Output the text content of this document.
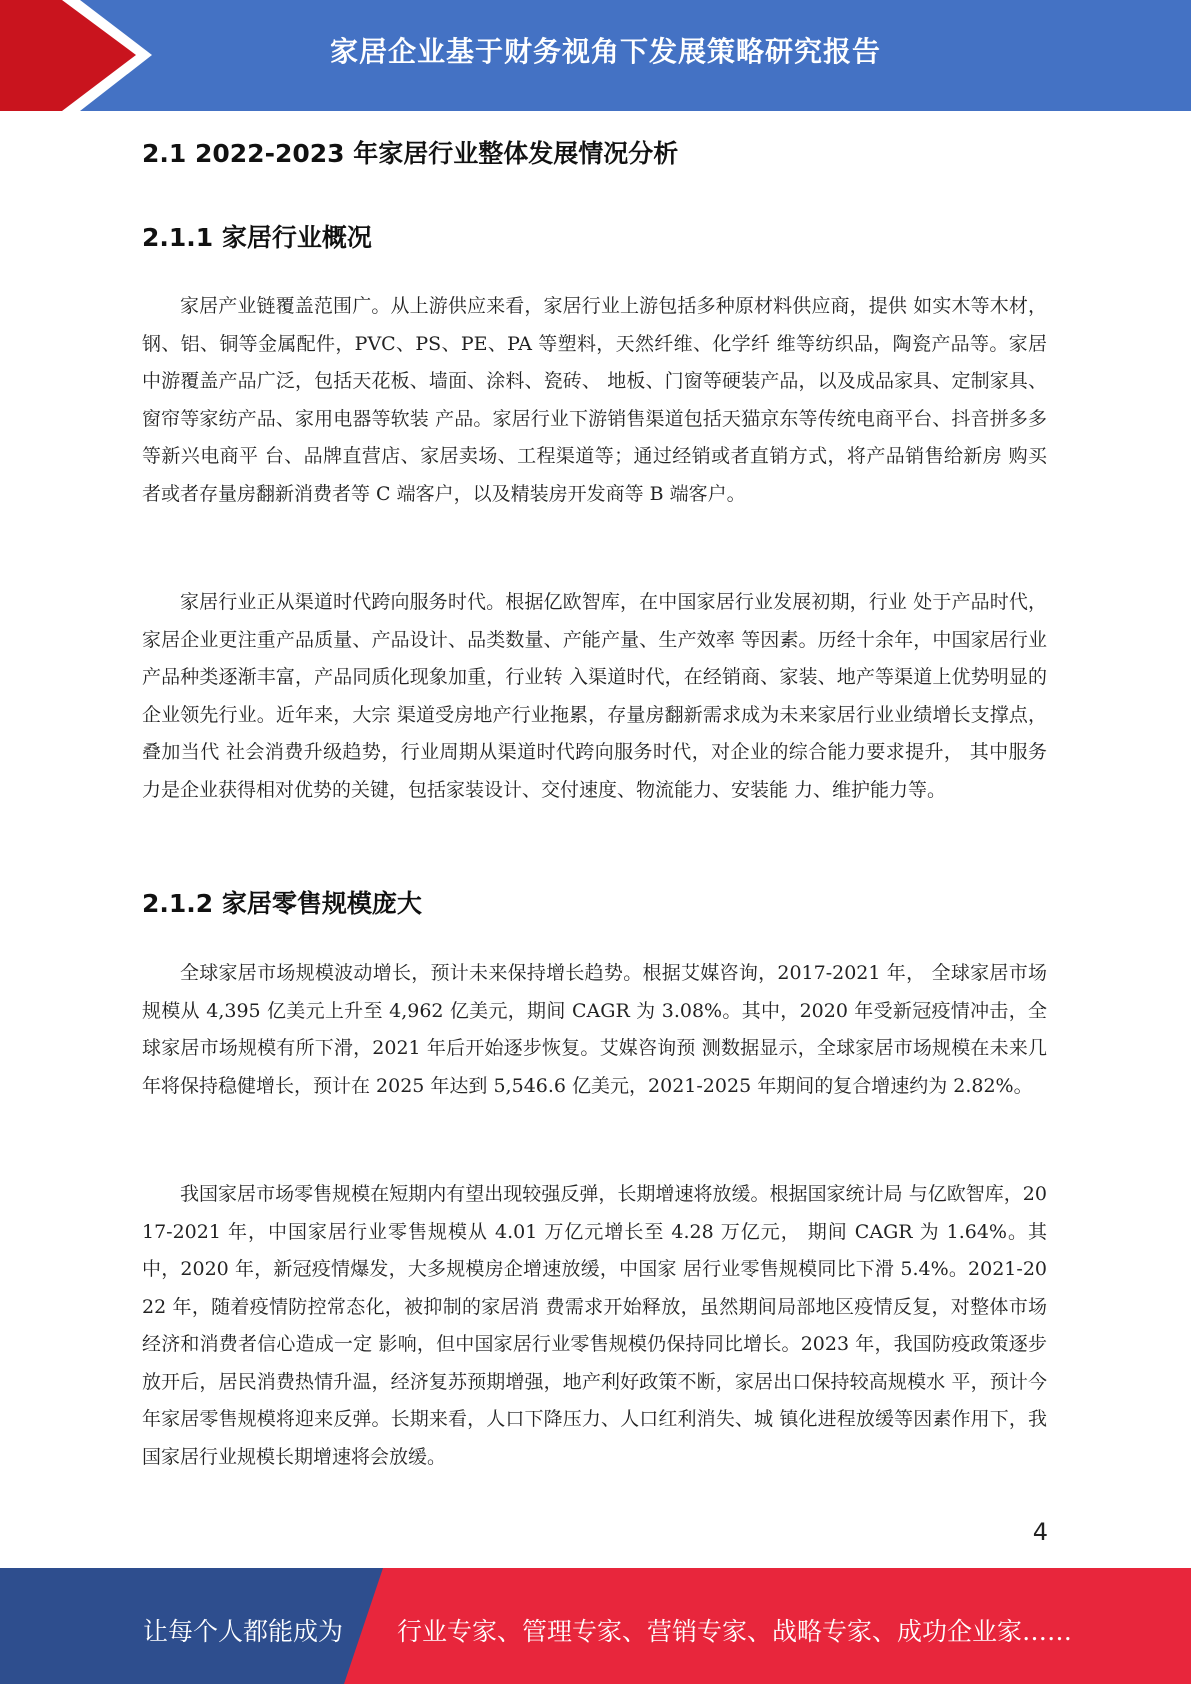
家居企业基于财务视角下发展策略研究报告
2.1 2022-2023 年家居行业整体发展情况分析
2.1.1 家居行业概况
家居产业链覆盖范围广。从上游供应来看，家居行业上游包括多种原材料供应商，提供 如实木等木材，钢、铝、铜等金属配件，PVC、PS、PE、PA 等塑料，天然纤维、化学纤 维等纺织品，陶瓷产品等。家居中游覆盖产品广泛，包括天花板、墙面、涂料、瓷砖、 地板、门窗等硬装产品，以及成品家具、定制家具、窗帘等家纺产品、家用电器等软装 产品。家居行业下游销售渠道包括天猫京东等传统电商平台、抖音拼多多等新兴电商平 台、品牌直营店、家居卖场、工程渠道等；通过经销或者直销方式，将产品销售给新房 购买者或者存量房翻新消费者等 C 端客户，以及精装房开发商等 B 端客户。
家居行业正从渠道时代跨向服务时代。根据亿欧智库，在中国家居行业发展初期，行业 处于产品时代，家居企业更注重产品质量、产品设计、品类数量、产能产量、生产效率 等因素。历经十余年，中国家居行业产品种类逐渐丰富，产品同质化现象加重，行业转 入渠道时代，在经销商、家装、地产等渠道上优势明显的企业领先行业。近年来，大宗 渠道受房地产行业拖累，存量房翻新需求成为未来家居行业业绩增长支撑点，叠加当代 社会消费升级趋势，行业周期从渠道时代跨向服务时代，对企业的综合能力要求提升， 其中服务力是企业获得相对优势的关键，包括家装设计、交付速度、物流能力、安装能 力、维护能力等。
2.1.2 家居零售规模庞大
全球家居市场规模波动增长，预计未来保持增长趋势。根据艾媒咨询，2017-2021 年， 全球家居市场规模从 4,395 亿美元上升至 4,962 亿美元，期间 CAGR 为 3.08%。其中，2020 年受新冠疫情冲击，全球家居市场规模有所下滑，2021 年后开始逐步恢复。艾媒咨询预 测数据显示，全球家居市场规模在未来几年将保持稳健增长，预计在 2025 年达到 5,546.6 亿美元，2021-2025 年期间的复合增速约为 2.82%。
我国家居市场零售规模在短期内有望出现较强反弹，长期增速将放缓。根据国家统计局 与亿欧智库，2017-2021 年，中国家居行业零售规模从 4.01 万亿元增长至 4.28 万亿元， 期间 CAGR 为 1.64%。其中，2020 年，新冠疫情爆发，大多规模房企增速放缓，中国家 居行业零售规模同比下滑 5.4%。2021-2022 年，随着疫情防控常态化，被抑制的家居消 费需求开始释放，虽然期间局部地区疫情反复，对整体市场经济和消费者信心造成一定 影响，但中国家居行业零售规模仍保持同比增长。2023 年，我国防疫政策逐步放开后，居民消费热情升温，经济复苏预期增强，地产利好政策不断，家居出口保持较高规模水 平，预计今年家居零售规模将迎来反弹。长期来看，人口下降压力、人口红利消失、城 镇化进程放缓等因素作用下，我国家居行业规模长期增速将会放缓。
4
让每个人都能成为 行业专家、管理专家、营销专家、战略专家、成功企业家……
